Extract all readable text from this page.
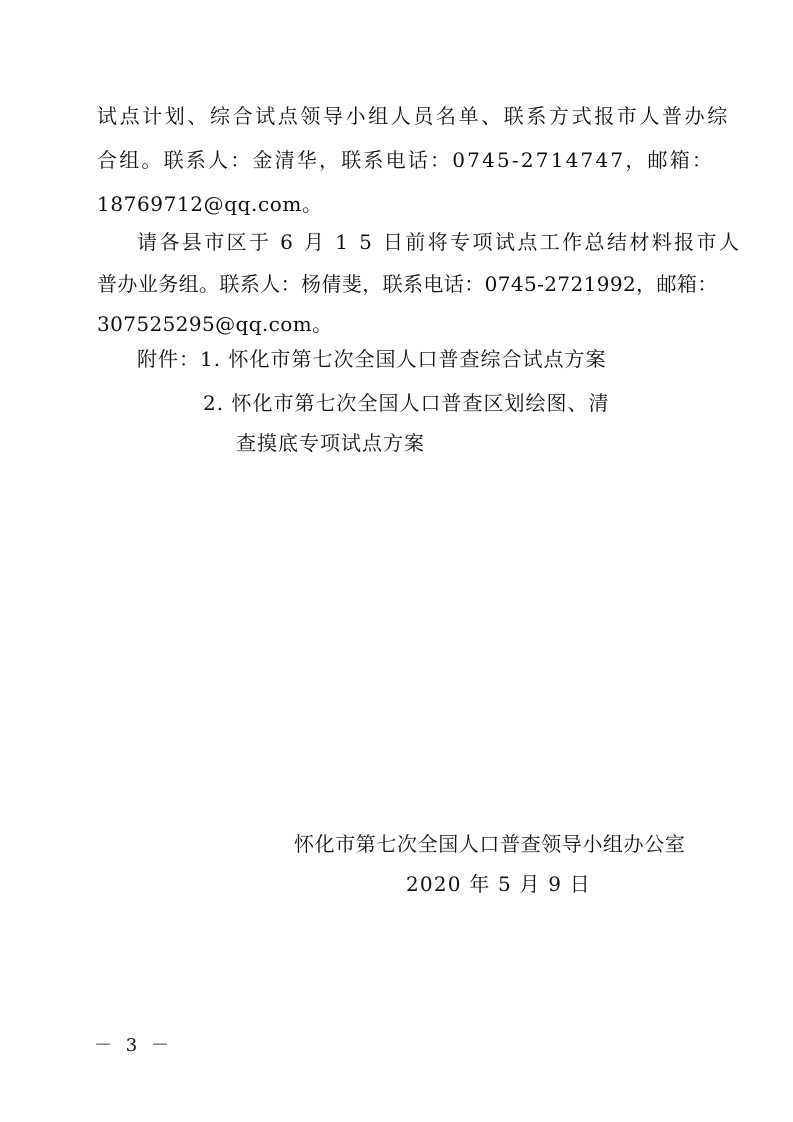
试点计划、综合试点领导小组人员名单、联系方式报市人普办综
合组。联系人：金清华，联系电话：0745-2714747，邮箱：
18769712@qq.com。
请各县市区于 6 月 1 5 日前将专项试点工作总结材料报市人
普办业务组。联系人：杨倩斐，联系电话：0745-2721992，邮箱：
307525295@qq.com。
附件：1. 怀化市第七次全国人口普查综合试点方案
2. 怀化市第七次全国人口普查区划绘图、清
查摸底专项试点方案
怀化市第七次全国人口普查领导小组办公室
2020 年 5 月 9 日
－ 3 －
